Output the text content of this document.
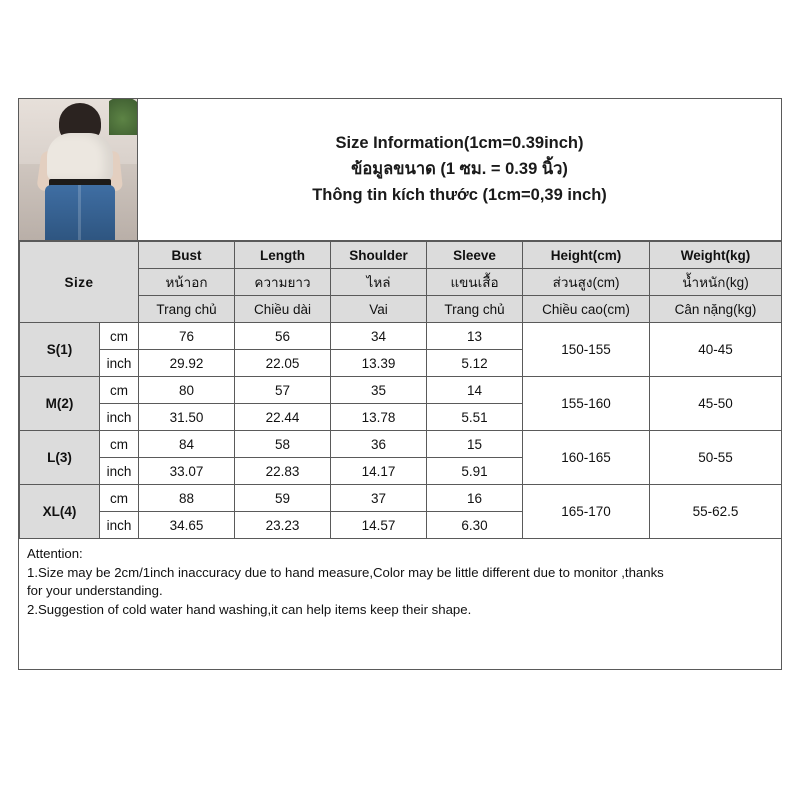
Size Information(1cm=0.39inch)
ข้อมูลขนาด (1 ซม. = 0.39 นิ้ว)
Thông tin kích thước (1cm=0,39 inch)
Size		Bust	Length	Shoulder	Sleeve	Height(cm)	Weight(kg)
		หน้าอก	ความยาว	ไหล่	แขนเสื้อ	ส่วนสูง(cm)	น้ำหนัก(kg)
		Trang chủ	Chiều dài	Vai	Trang chủ	Chiều cao(cm)	Cân nặng(kg)
S(1)	cm	76	56	34	13	150-155	40-45
	inch	29.92	22.05	13.39	5.12		
M(2)	cm	80	57	35	14	155-160	45-50
	inch	31.50	22.44	13.78	5.51		
L(3)	cm	84	58	36	15	160-165	50-55
	inch	33.07	22.83	14.17	5.91		
XL(4)	cm	88	59	37	16	165-170	55-62.5
	inch	34.65	23.23	14.57	6.30		

Attention:

1.Size may be 2cm/1inch inaccuracy due to hand measure,Color may be little different due to monitor ,thanks

for your understanding.

2.Suggestion of cold water hand washing,it can help items keep their shape.
